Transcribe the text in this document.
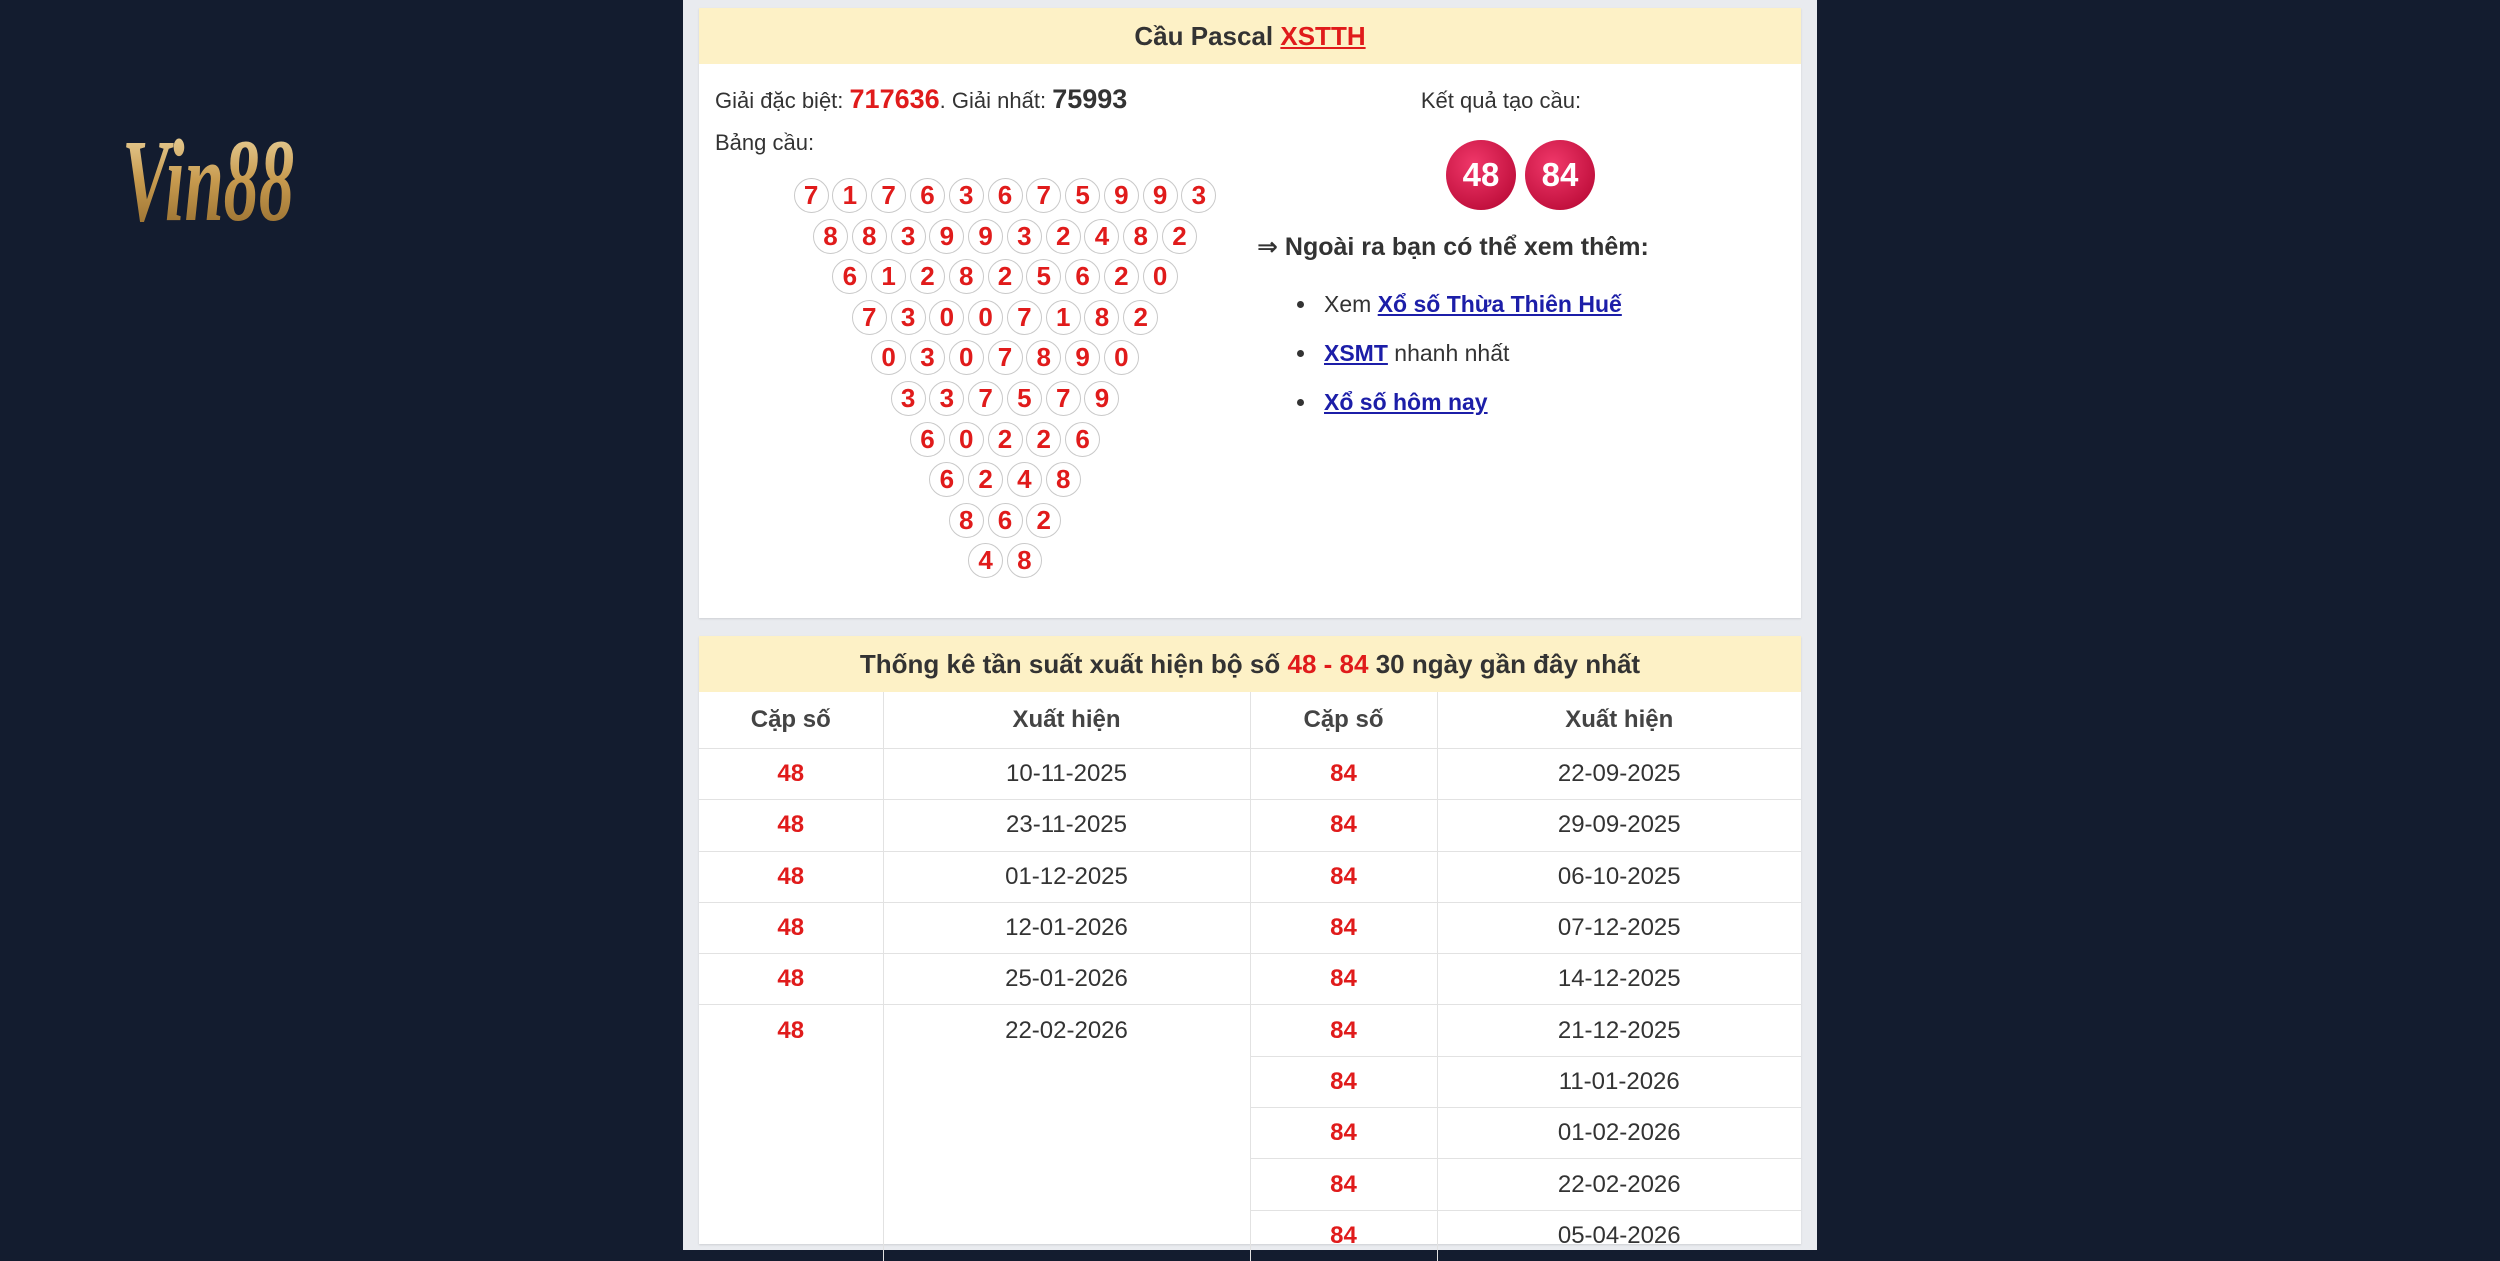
Vin88
Cầu Pascal XSTTH
Giải đặc biệt: 717636. Giải nhất: 75993
Bảng cầu:
7 1 7 6 3 6 7 5 9 9 3
8 8 3 9 9 3 2 4 8 2
6 1 2 8 2 5 6 2 0
7 3 0 0 7 1 8 2
0 3 0 7 8 9 0
3 3 7 5 7 9
6 0 2 2 6
6 2 4 8
8 6 2
4 8
Kết quả tạo cầu:
48	84
⇒ Ngoài ra bạn có thể xem thêm:
Xem
Xổ số Thừa Thiên Huế
XSMT
nhanh nhất
Xổ số hôm nay
Thống kê tần suất xuất hiện bộ số 48 - 84 30 ngày gần đây nhất
Cặp số	Xuất hiện	Cặp số	Xuất hiện
48	10-11-2025	84	22-09-2025
48	23-11-2025	84	29-09-2025
48	01-12-2025	84	06-10-2025
48	12-01-2026	84	07-12-2025
48	25-01-2026	84	14-12-2025
48	22-02-2026	84	21-12-2025
		84	11-01-2026
		84	01-02-2026
		84	22-02-2026
		84	05-04-2026
